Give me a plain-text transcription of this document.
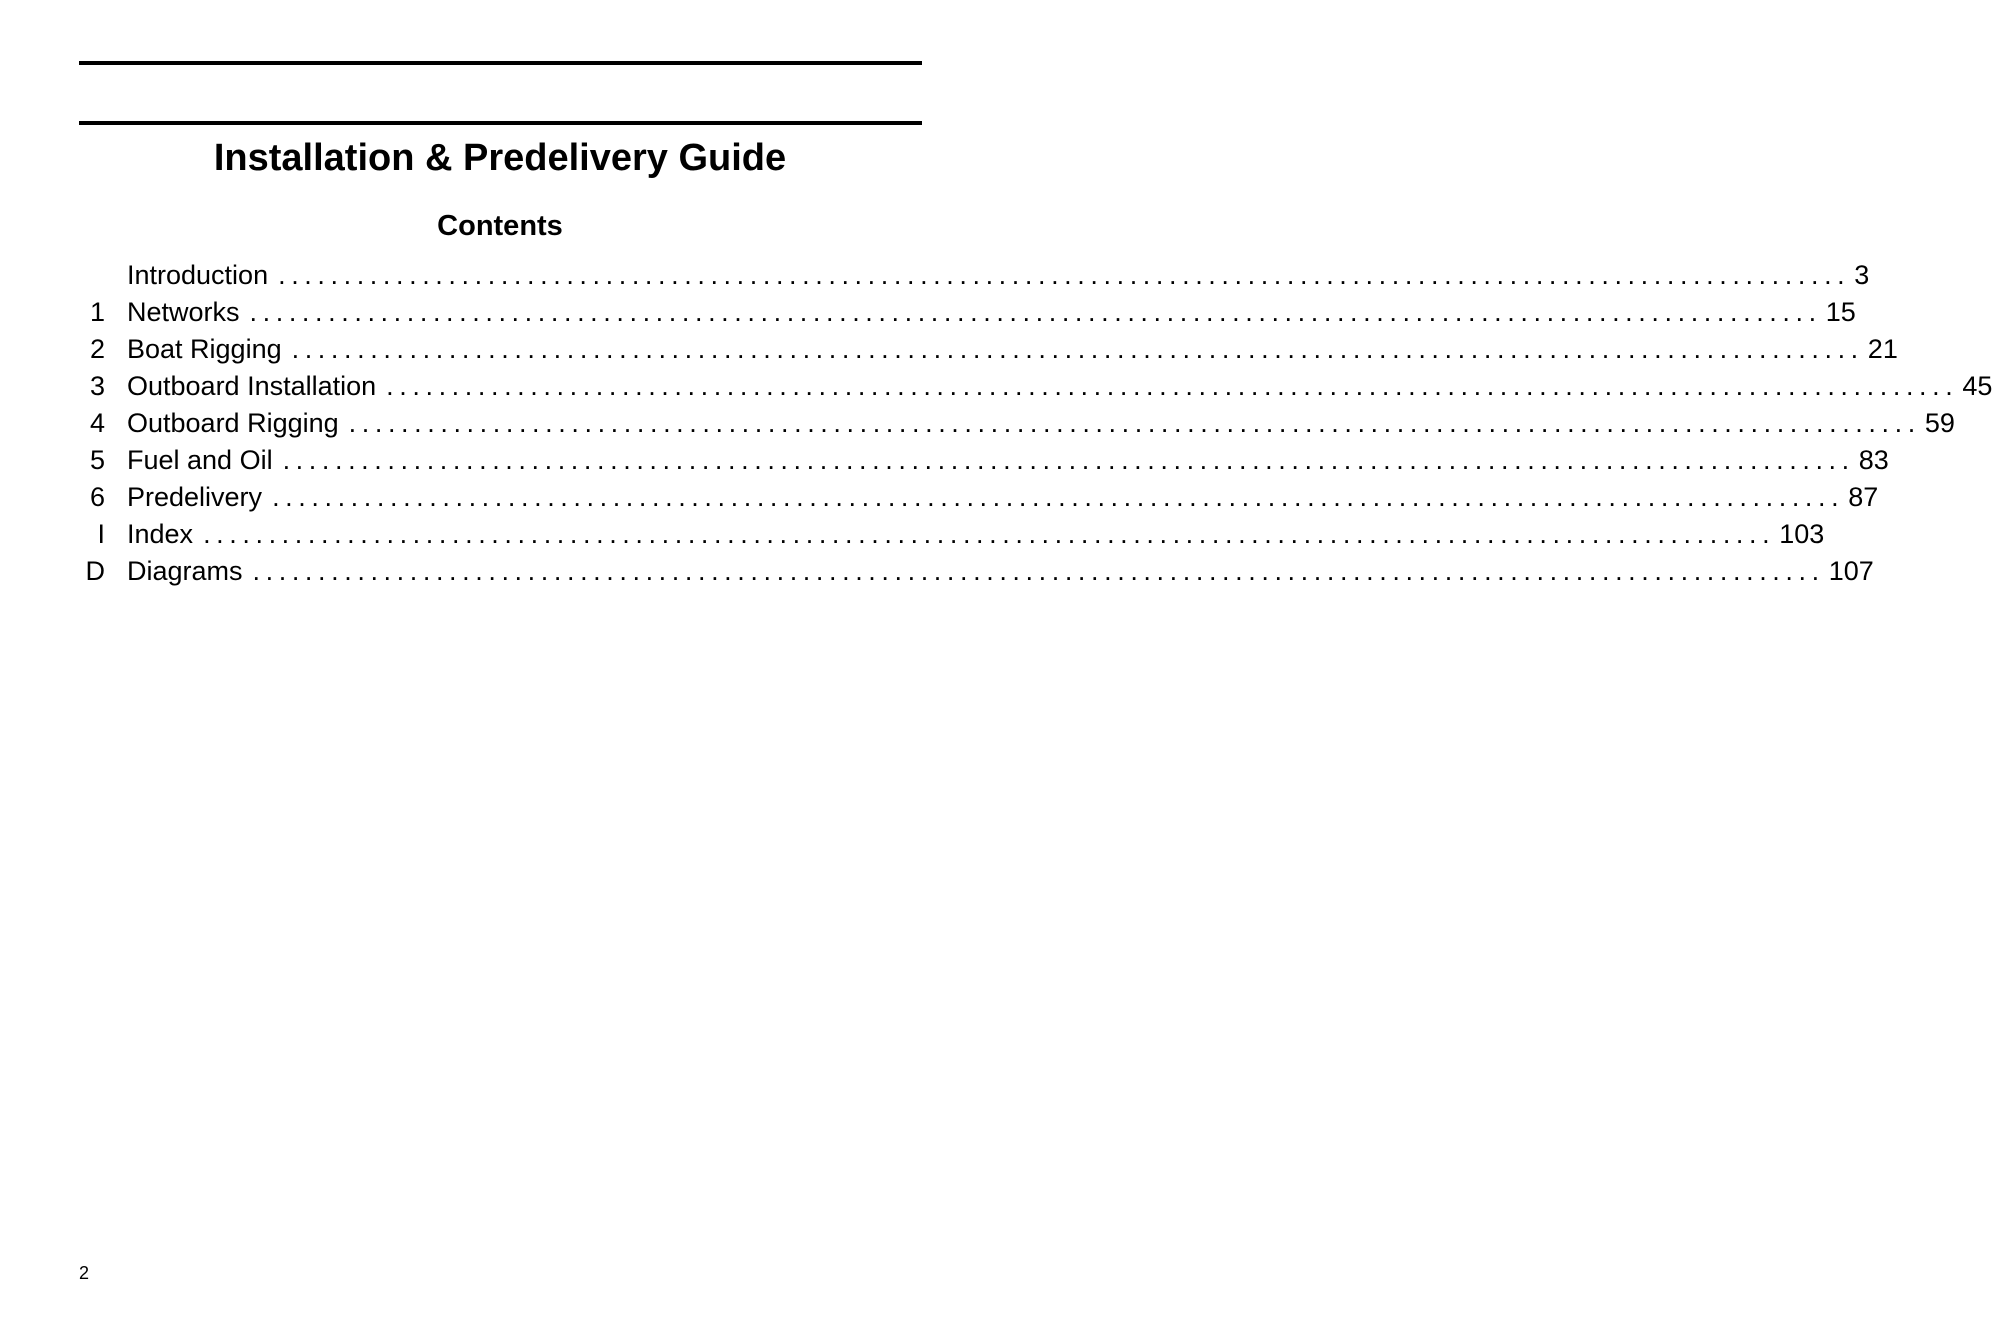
Installation & Predelivery Guide
Contents
Introduction ........................................................................................................................ 3
1 Networks ........................................................................................................................ 15
2 Boat Rigging ........................................................................................................................ 21
3 Outboard Installation ........................................................................................................................ 45
4 Outboard Rigging ........................................................................................................................ 59
5 Fuel and Oil ........................................................................................................................ 83
6 Predelivery ........................................................................................................................ 87
I Index ........................................................................................................................ 103
D Diagrams ........................................................................................................................ 107
2
